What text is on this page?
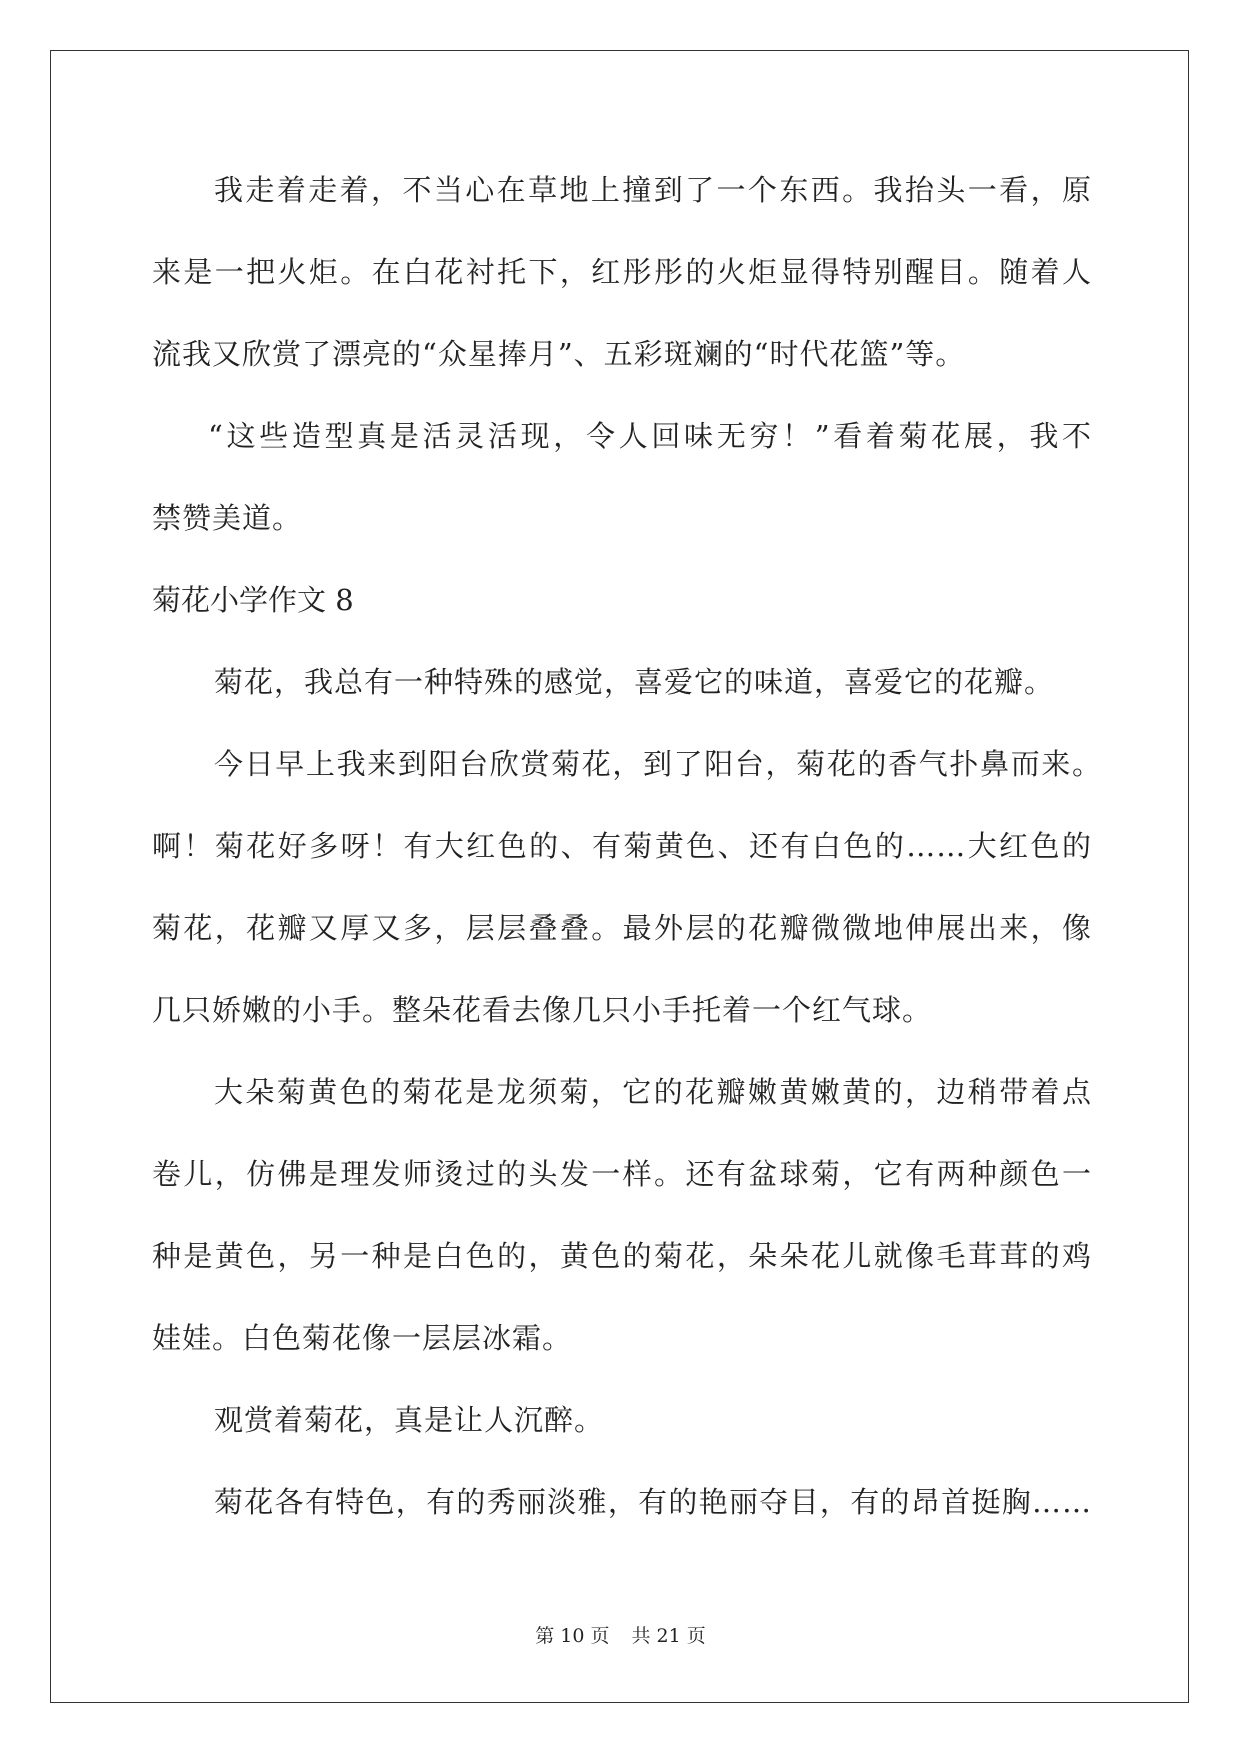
我走着走着，不当心在草地上撞到了一个东西。我抬头一看，原
来是一把火炬。在白花衬托下，红彤彤的火炬显得特别醒目。随着人
流我又欣赏了漂亮的“众星捧月”、五彩斑斓的“时代花篮”等。
“这些造型真是活灵活现，令人回味无穷！”看着菊花展，我不
禁赞美道。
菊花小学作文 8
菊花，我总有一种特殊的感觉，喜爱它的味道，喜爱它的花瓣。
今日早上我来到阳台欣赏菊花，到了阳台，菊花的香气扑鼻而来。
啊！菊花好多呀！有大红色的、有菊黄色、还有白色的……大红色的
菊花，花瓣又厚又多，层层叠叠。最外层的花瓣微微地伸展出来，像
几只娇嫩的小手。整朵花看去像几只小手托着一个红气球。
大朵菊黄色的菊花是龙须菊，它的花瓣嫩黄嫩黄的，边稍带着点
卷儿，仿佛是理发师烫过的头发一样。还有盆球菊，它有两种颜色一
种是黄色，另一种是白色的，黄色的菊花，朵朵花儿就像毛茸茸的鸡
娃娃。白色菊花像一层层冰霜。
观赏着菊花，真是让人沉醉。
菊花各有特色，有的秀丽淡雅，有的艳丽夺目，有的昂首挺胸……
第 10 页 共 21 页
